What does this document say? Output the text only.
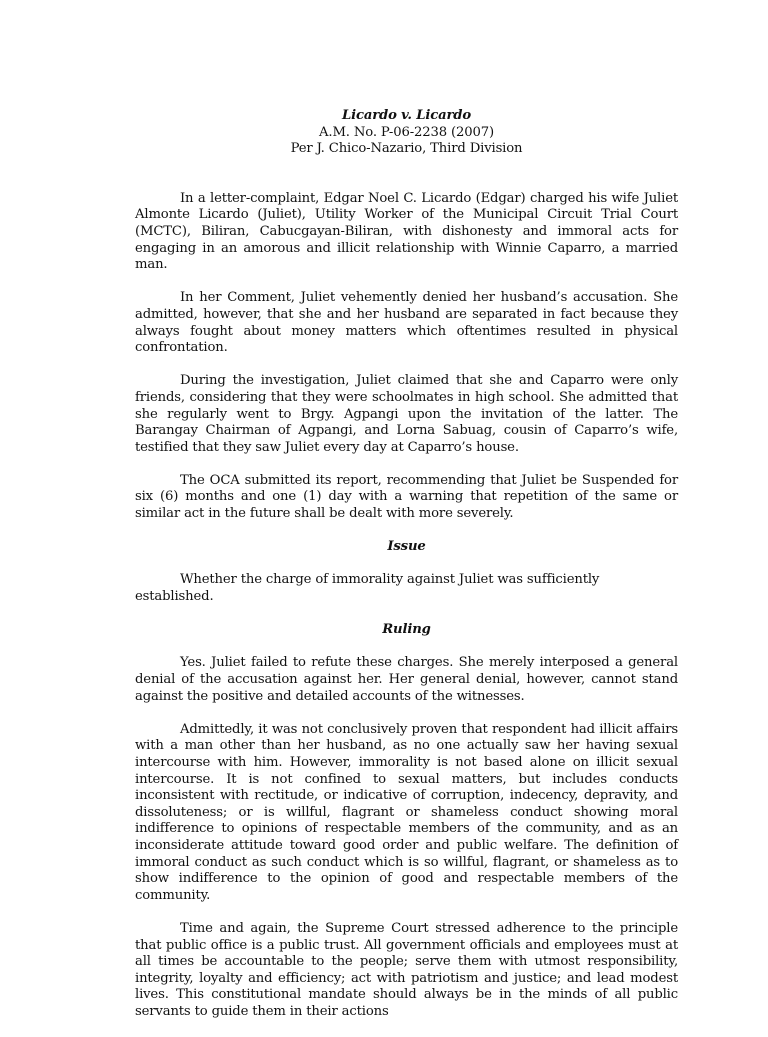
Licardo v. Licardo
A.M. No. P-06-2238 (2007)
Per J. Chico-Nazario, Third Division

In a letter-complaint, Edgar Noel C. Licardo (Edgar) charged his wife Juliet Almonte Licardo (Juliet), Utility Worker of the Municipal Circuit Trial Court (MCTC), Biliran, Cabucgayan-Biliran, with dishonesty and immoral acts for engaging in an amorous and illicit relationship with Winnie Caparro, a married man.

In her Comment, Juliet vehemently denied her husband’s accusation. She admitted, however, that she and her husband are separated in fact because they always fought about money matters which oftentimes resulted in physical confrontation.

During the investigation, Juliet claimed that she and Caparro were only friends, considering that they were schoolmates in high school. She admitted that she regularly went to Brgy. Agpangi upon the invitation of the latter. The Barangay Chairman of Agpangi, and Lorna Sabuag, cousin of Caparro’s wife, testified that they saw Juliet every day at Caparro’s house.

The OCA submitted its report, recommending that Juliet be Suspended for six (6) months and one (1) day with a warning that repetition of the same or similar act in the future shall be dealt with more severely.

Issue

Whether the charge of immorality against Juliet was sufficiently established.

Ruling

Yes. Juliet failed to refute these charges. She merely interposed a general denial of the accusation against her. Her general denial, however, cannot stand against the positive and detailed accounts of the witnesses.

Admittedly, it was not conclusively proven that respondent had illicit affairs with a man other than her husband, as no one actually saw her having sexual intercourse with him. However, immorality is not based alone on illicit sexual intercourse. It is not confined to sexual matters, but includes conducts inconsistent with rectitude, or indicative of corruption, indecency, depravity, and dissoluteness; or is willful, flagrant or shameless conduct showing moral indifference to opinions of respectable members of the community, and as an inconsiderate attitude toward good order and public welfare. The definition of immoral conduct as such conduct which is so willful, flagrant, or shameless as to show indifference to the opinion of good and respectable members of the community.

Time and again, the Supreme Court stressed adherence to the principle that public office is a public trust. All government officials and employees must at all times be accountable to the people; serve them with utmost responsibility, integrity, loyalty and efficiency; act with patriotism and justice; and lead modest lives. This constitutional mandate should always be in the minds of all public servants to guide them in their actions
